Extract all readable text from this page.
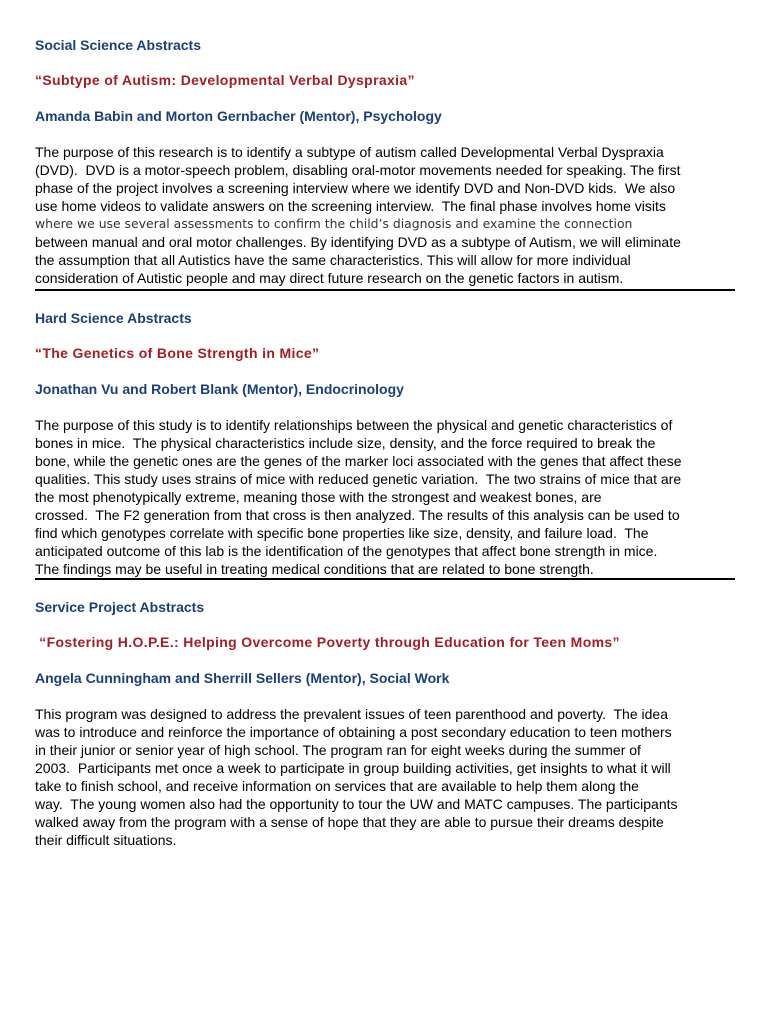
Social Science Abstracts
“Subtype of Autism: Developmental Verbal Dyspraxia”
Amanda Babin and Morton Gernbacher (Mentor), Psychology
The purpose of this research is to identify a subtype of autism called Developmental Verbal Dyspraxia
(DVD).  DVD is a motor-speech problem, disabling oral-motor movements needed for speaking. The first
phase of the project involves a screening interview where we identify DVD and Non-DVD kids.  We also
use home videos to validate answers on the screening interview.  The final phase involves home visits
where we use several assessments to confirm the child’s diagnosis and examine the connection
between manual and oral motor challenges. By identifying DVD as a subtype of Autism, we will eliminate
the assumption that all Autistics have the same characteristics. This will allow for more individual
consideration of Autistic people and may direct future research on the genetic factors in autism.
Hard Science Abstracts
“The Genetics of Bone Strength in Mice”
Jonathan Vu and Robert Blank (Mentor), Endocrinology
The purpose of this study is to identify relationships between the physical and genetic characteristics of
bones in mice.  The physical characteristics include size, density, and the force required to break the
bone, while the genetic ones are the genes of the marker loci associated with the genes that affect these
qualities. This study uses strains of mice with reduced genetic variation.  The two strains of mice that are
the most phenotypically extreme, meaning those with the strongest and weakest bones, are
crossed.  The F2 generation from that cross is then analyzed. The results of this analysis can be used to
find which genotypes correlate with specific bone properties like size, density, and failure load.  The
anticipated outcome of this lab is the identification of the genotypes that affect bone strength in mice.
The findings may be useful in treating medical conditions that are related to bone strength.
Service Project Abstracts
“Fostering H.O.P.E.: Helping Overcome Poverty through Education for Teen Moms”
Angela Cunningham and Sherrill Sellers (Mentor), Social Work
This program was designed to address the prevalent issues of teen parenthood and poverty.  The idea
was to introduce and reinforce the importance of obtaining a post secondary education to teen mothers
in their junior or senior year of high school. The program ran for eight weeks during the summer of
2003.  Participants met once a week to participate in group building activities, get insights to what it will
take to finish school, and receive information on services that are available to help them along the
way.  The young women also had the opportunity to tour the UW and MATC campuses. The participants
walked away from the program with a sense of hope that they are able to pursue their dreams despite
their difficult situations.
